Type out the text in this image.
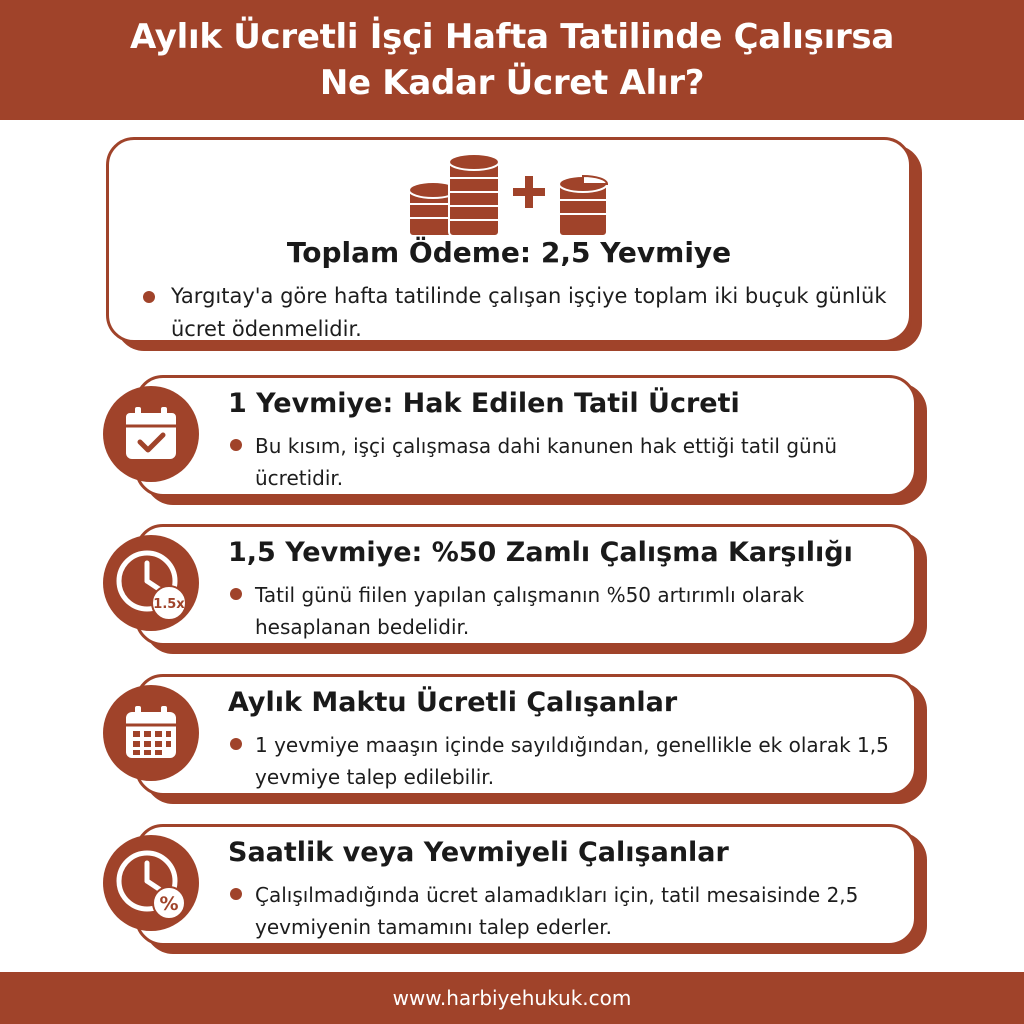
Aylık Ücretli İşçi Hafta Tatilinde Çalışırsa
Ne Kadar Ücret Alır?
Toplam Ödeme: 2,5 Yevmiye
Yargıtay'a göre hafta tatilinde çalışan işçiye toplam iki buçuk günlük ücret ödenmelidir.
1 Yevmiye: Hak Edilen Tatil Ücreti
Bu kısım, işçi çalışmasa dahi kanunen hak ettiği tatil günü ücretidir.
1,5 Yevmiye: %50 Zamlı Çalışma Karşılığı
Tatil günü fiilen yapılan çalışmanın %50 artırımlı olarak hesaplanan bedelidir.
1.5x
Aylık Maktu Ücretli Çalışanlar
1 yevmiye maaşın içinde sayıldığından, genellikle ek olarak 1,5 yevmiye talep edilebilir.
Saatlik veya Yevmiyeli Çalışanlar
Çalışılmadığında ücret alamadıkları için, tatil mesaisinde 2,5 yevmiyenin tamamını talep ederler.
%
www.harbiyehukuk.com
